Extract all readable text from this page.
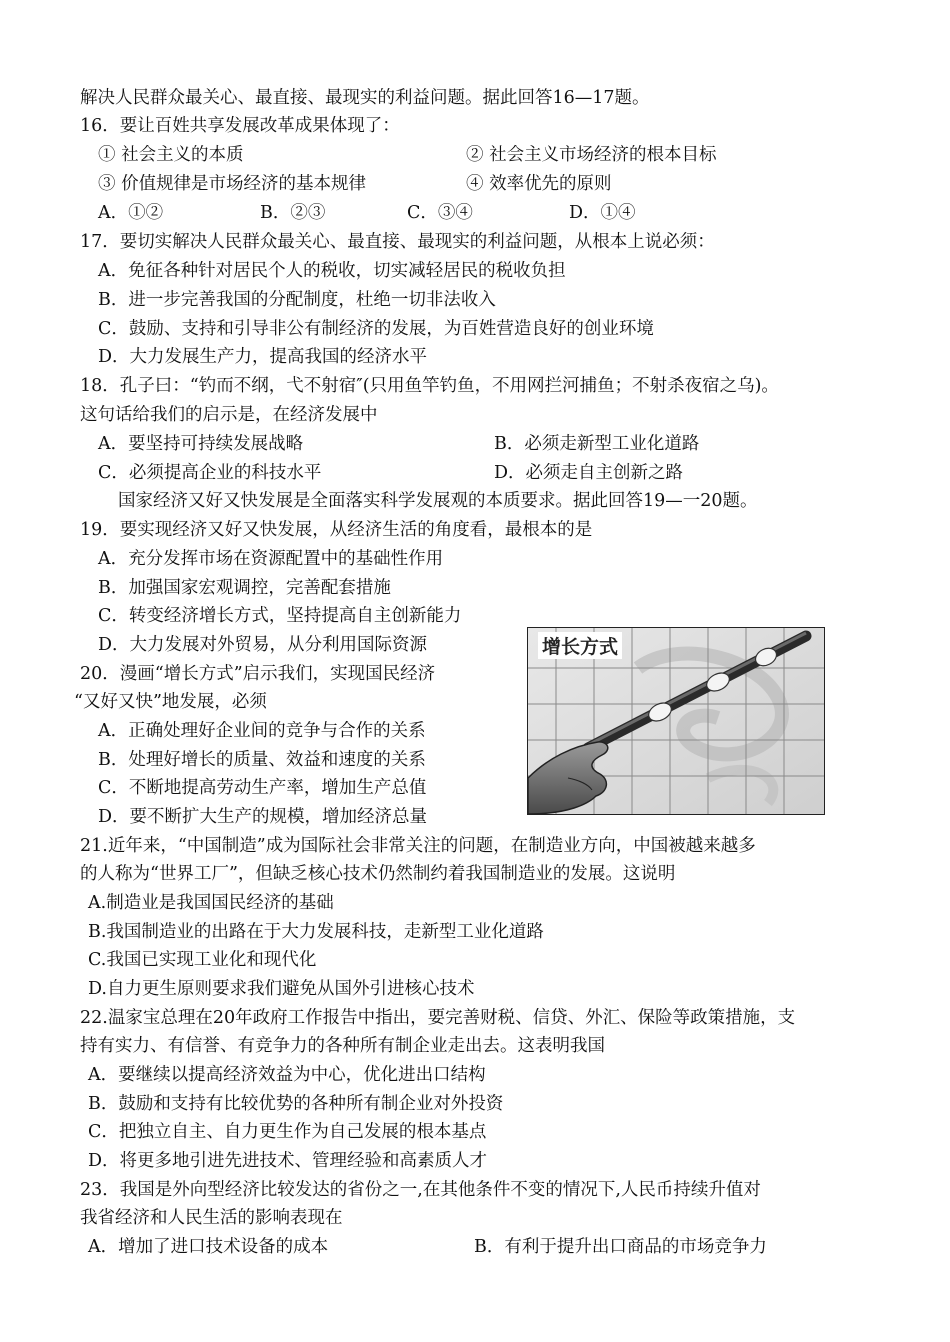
解决人民群众最关心、最直接、最现实的利益问题。据此回答16—17题。
16．要让百姓共享发展改革成果体现了：
① 社会主义的本质	② 社会主义市场经济的根本目标
③ 价值规律是市场经济的基本规律	④ 效率优先的原则
A．①②	B．②③	C．③④	D．①④
17．要切实解决人民群众最关心、最直接、最现实的利益问题，从根本上说必须：
A．免征各种针对居民个人的税收，切实减轻居民的税收负担
B．进一步完善我国的分配制度，杜绝一切非法收入
C．鼓励、支持和引导非公有制经济的发展，为百姓营造良好的创业环境
D．大力发展生产力，提高我国的经济水平
18．孔子曰：“钓而不纲，弋不射宿″(只用鱼竿钓鱼，不用网拦河捕鱼；不射杀夜宿之乌)。
这句话给我们的启示是，在经济发展中
A．要坚持可持续发展战略	B．必须走新型工业化道路
C．必须提高企业的科技水平	D．必须走自主创新之路
国家经济又好又快发展是全面落实科学发展观的本质要求。据此回答19—一20题。
19．要实现经济又好又快发展，从经济生活的角度看，最根本的是
A．充分发挥市场在资源配置中的基础性作用
B．加强国家宏观调控，完善配套措施
C．转变经济增长方式，坚持提高自主创新能力
D．大力发展对外贸易，从分利用国际资源
20．漫画“增长方式”启示我们，实现国民经济
“又好又快”地发展，必须
A．正确处理好企业间的竞争与合作的关系
B．处理好增长的质量、效益和速度的关系
C．不断地提高劳动生产率，增加生产总值
D．要不断扩大生产的规模，增加经济总量
21.近年来，“中国制造”成为国际社会非常关注的问题，在制造业方向，中国被越来越多
的人称为“世界工厂”，但缺乏核心技术仍然制约着我国制造业的发展。这说明
A.制造业是我国国民经济的基础
B.我国制造业的出路在于大力发展科技，走新型工业化道路
C.我国已实现工业化和现代化
D.自力更生原则要求我们避免从国外引进核心技术
22.温家宝总理在20年政府工作报告中指出，要完善财税、信贷、外汇、保险等政策措施，支
持有实力、有信誉、有竞争力的各种所有制企业走出去。这表明我国
A．要继续以提高经济效益为中心，优化进出口结构
B．鼓励和支持有比较优势的各种所有制企业对外投资
C．把独立自主、自力更生作为自己发展的根本基点
D．将更多地引进先进技术、管理经验和高素质人才
23．我国是外向型经济比较发达的省份之一,在其他条件不变的情况下,人民币持续升值对
我省经济和人民生活的影响表现在
A．增加了进口技术设备的成本	B．有利于提升出口商品的市场竞争力
增长方式
